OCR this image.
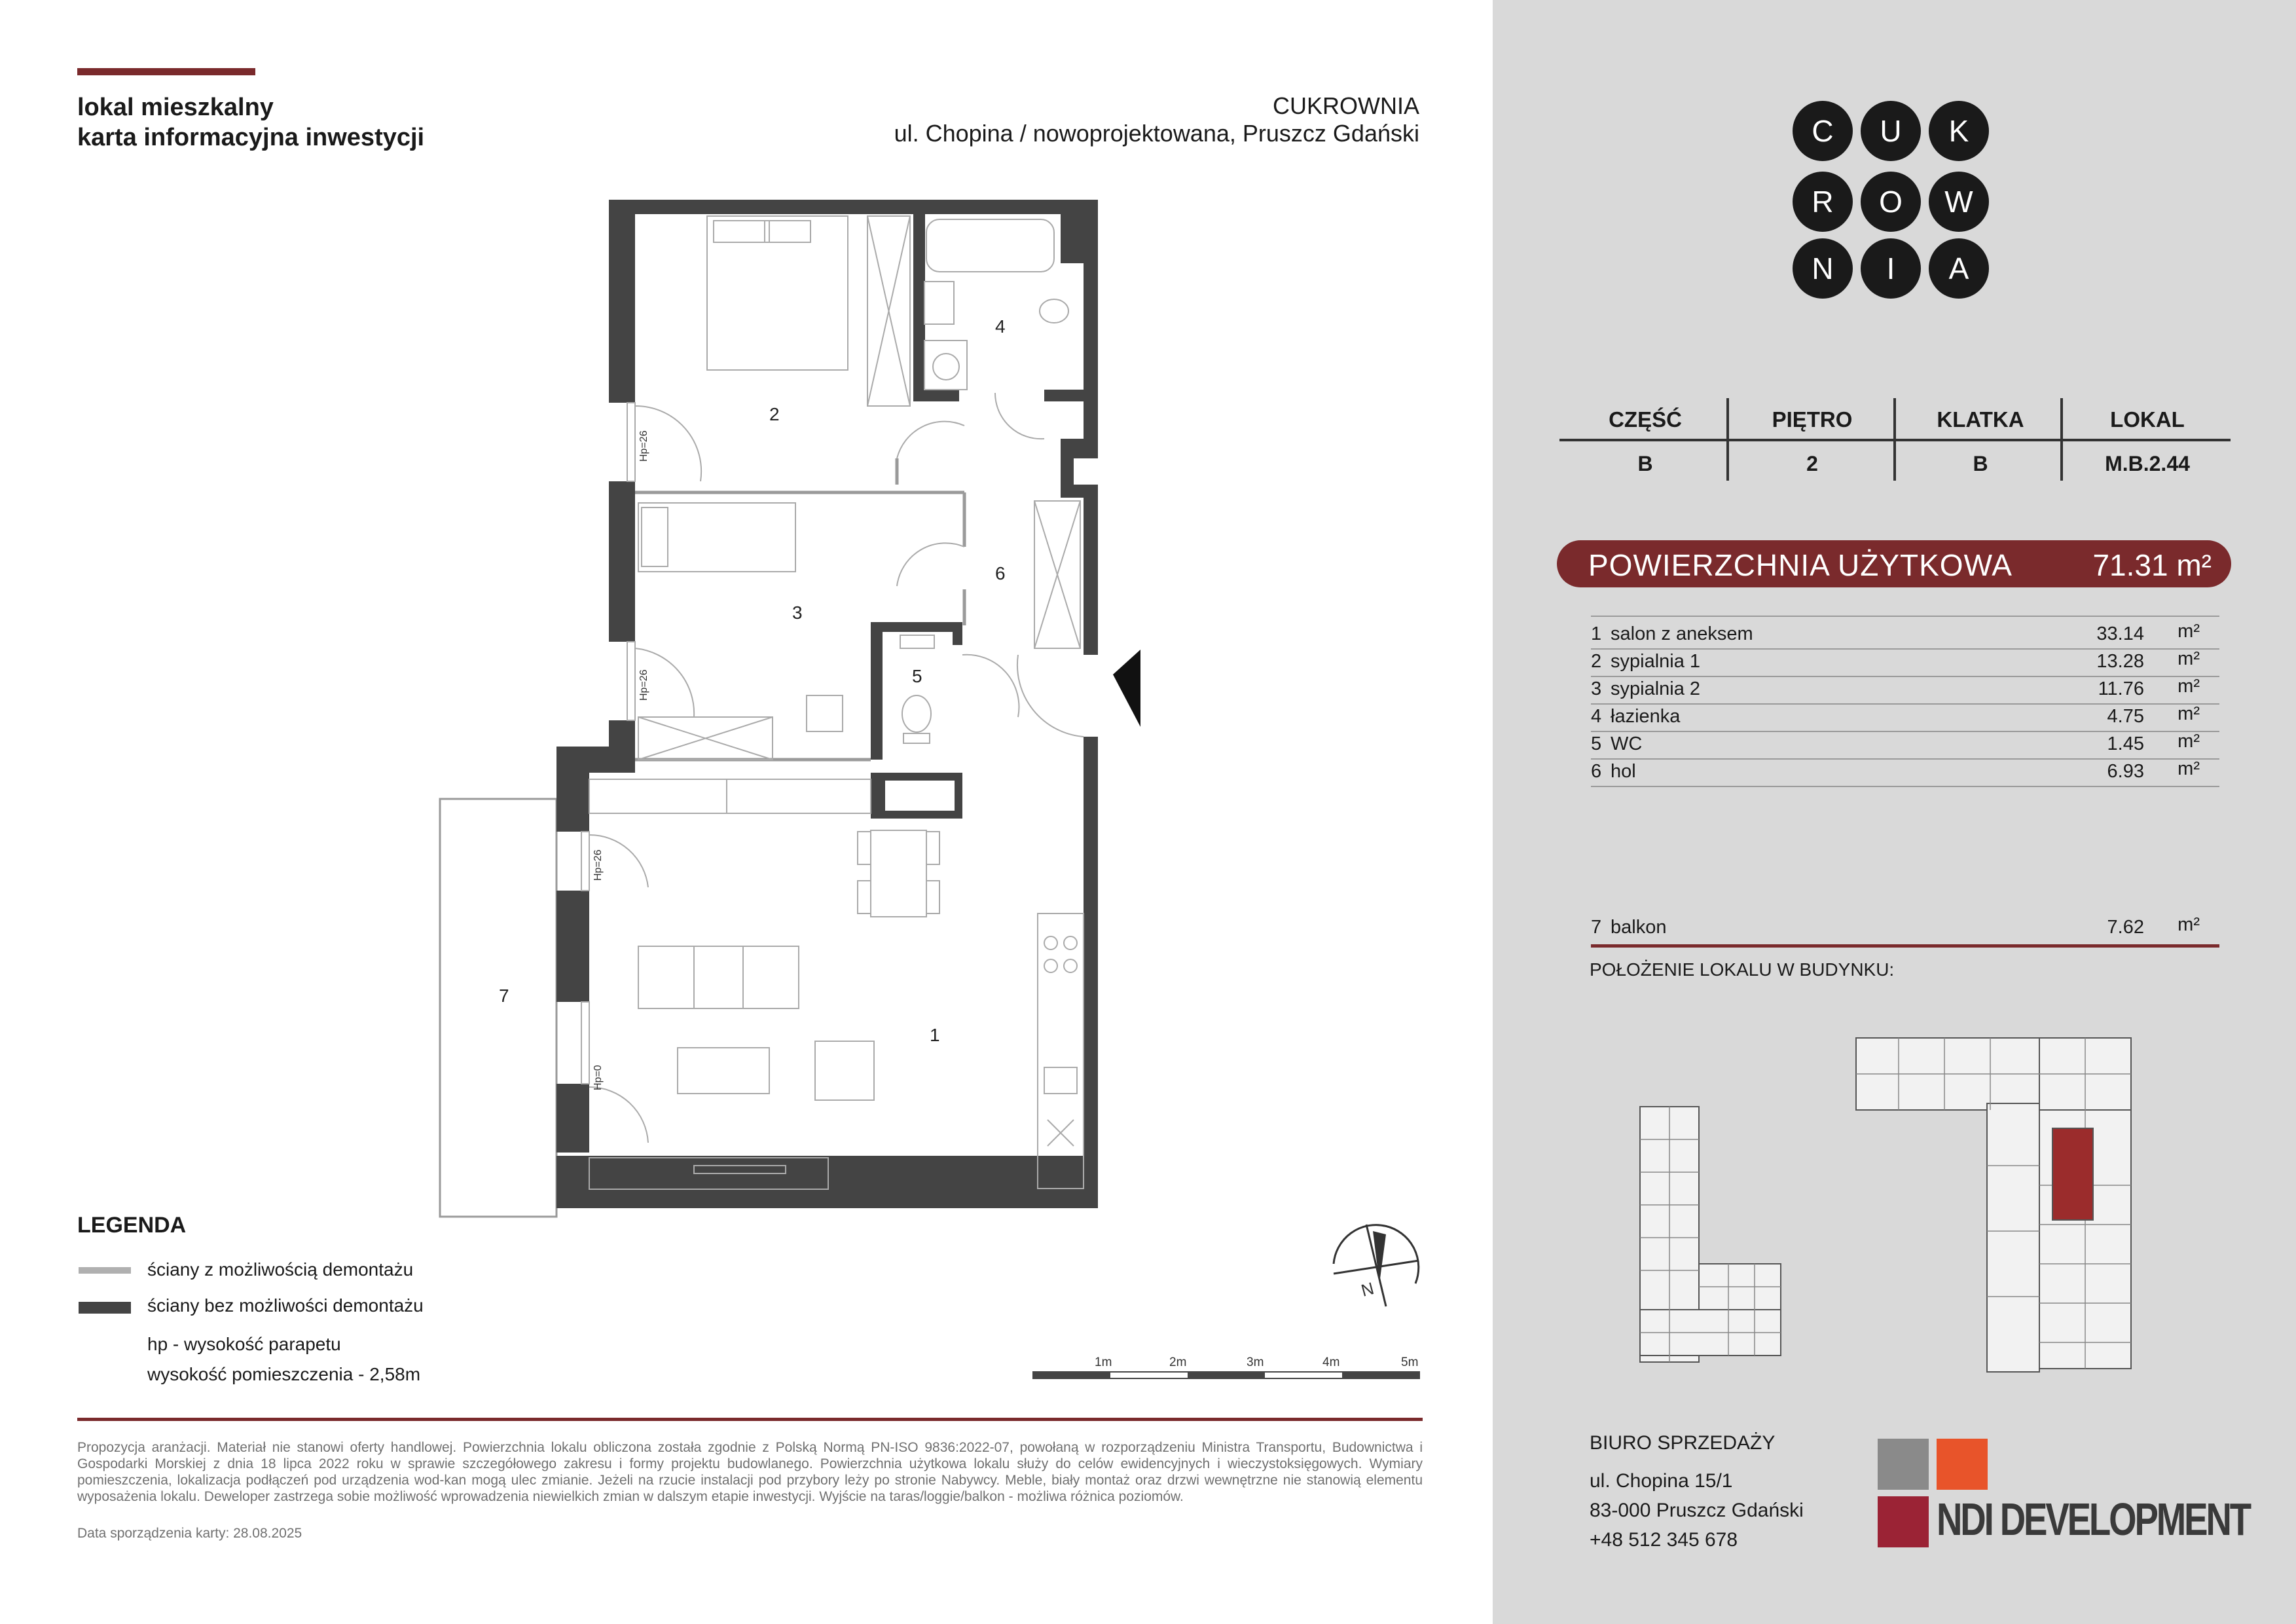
lokal mieszkalny
karta informacyjna inwestycji
CUKROWNIA
ul. Chopina / nowoprojektowana, Pruszcz Gdański
Hp=26
Hp=26
Hp=26
Hp=0
1
2
3
4
5
6
7
N
1m	2m	3m	4m	5m
LEGENDA
ściany z możliwością demontażu
ściany bez możliwości demontażu
hp - wysokość parapetu
wysokość pomieszczenia - 2,58m
Propozycja aranżacji. Materiał nie stanowi oferty handlowej. Powierzchnia lokalu obliczona została zgodnie z Polską Normą PN-ISO 9836:2022-07, powołaną w rozporządzeniu Ministra Transportu, Budownictwa i Gospodarki Morskiej z dnia 18 lipca 2022 roku w sprawie szczegółowego zakresu i formy projektu budowlanego. Powierzchnia użytkowa lokalu służy do celów ewidencyjnych i wieczystoksięgowych. Wymiary pomieszczenia, lokalizacja podłączeń pod urządzenia wod-kan mogą ulec zmianie. Jeżeli na rzucie instalacji pod przybory leży po stronie Nabywcy. Meble, biały montaż oraz drzwi wewnętrzne nie stanowią elementu wyposażenia lokalu. Deweloper zastrzega sobie możliwość wprowadzenia niewielkich zmian w dalszym etapie inwestycji. Wyjście na taras/loggie/balkon - możliwa różnica poziomów.
Data sporządzenia karty: 28.08.2025
C	U	K
R	O	W
N	I	A
CZĘŚĆ	PIĘTRO	KLATKA	LOKAL
B	2	B	M.B.2.44
POWIERZCHNIA UŻYTKOWA	71.31 m²
1 salon z aneksem	33.14 m²
2 sypialnia 1	13.28 m²
3 sypialnia 2	11.76 m²
4 łazienka	4.75 m²
5 WC	1.45 m²
6 hol	6.93 m²
7 balkon	7.62 m²
POŁOŻENIE LOKALU W BUDYNKU:
BIURO SPRZEDAŻY
ul. Chopina 15/1
83-000 Pruszcz Gdański
+48 512 345 678	NDI DEVELOPMENT
